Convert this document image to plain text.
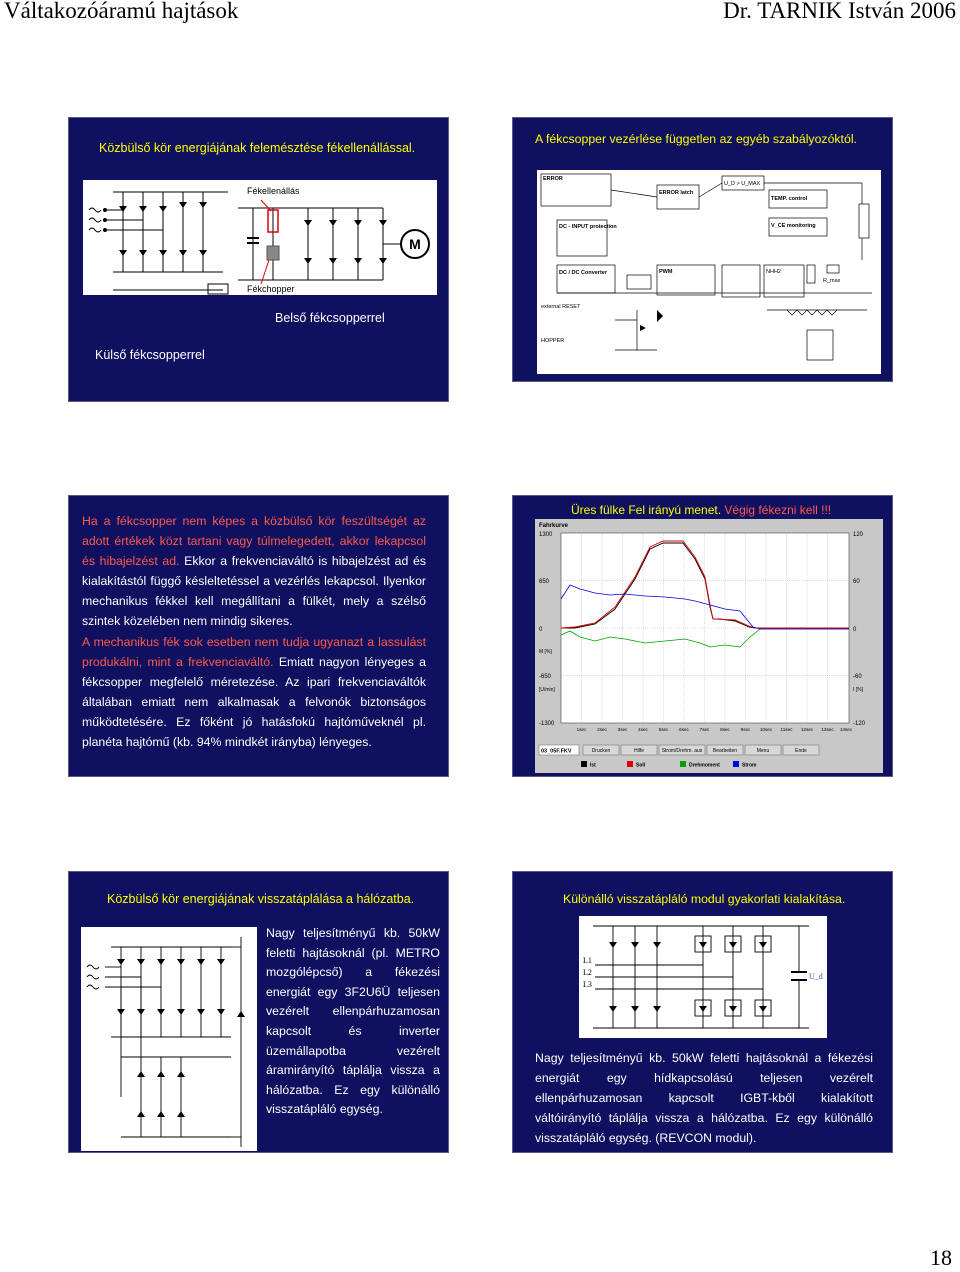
Váltakozóáramú hajtások	Dr. TARNIK István 2006
Közbülső kör energiájának felemésztése fékellenállással.
M
Fékellenállás
Fékchopper
Belső fékcsopperrel
Külső fékcsopperrel
A fékcsopper vezérlése független az egyéb szabályozóktól.
ERROR
ERROR latch
U_D > U_MAX
TEMP. control
DC - INPUT protection
DC / DC Converter	PWM	NHH2
external RESET
HOPPER
R_max
V_CE monitoring
Ha a fékcsopper nem képes a közbülső kör feszültségét az adott értékek közt tartani vagy túlmelegedett, akkor lekapcsol és hibajelzést ad. Ekkor a frekvenciaváltó is hibajelzést ad és kialakítástól függő késleltetéssel a vezérlés lekapcsol. Ilyenkor mechanikus fékkel kell megállítani a fülkét, mely a szélső szintek közelében nem mindig sikeres.
A mechanikus fék sok esetben nem tudja ugyanazt a lassulást produkálni, mint a frekvenciaváltó. Emiatt nagyon lényeges a fékcsopper megfelelő méretezése. Az ipari frekvenciaváltók általában emiatt nem alkalmasak a felvonók biztonságos működtetésére. Ez főként jó hatásfokú hajtóműveknél pl. planéta hajtómű (kb. 94% mindkét irányba) lényeges.
Üres fülke Fel irányú menet. Végig fékezni kell !!!
Fahrkurve
1300
650
0
-650
-1300
120
60
0
-60
-120
M [%]
[U/min]	I [%]
1sec 2sec 3sec 4sec 5sec 6sec 7sec 8sec 9sec 10sec 11sec 12sec 13sec 14sec
03_05F.FKV	Drucken	Hilfe	Strom/Drehm. aus Bearbeiten	Menu	Ende
Ist	Soll	Drehmoment	Strom
Közbülső kör energiájának visszatáplálása a hálózatba.
Nagy teljesítményű kb. 50kW feletti hajtásoknál (pl. METRO mozgólépcső) a fékezési energiát egy 3F2U6Ü teljesen vezérelt ellenpárhuzamosan kapcsolt és inverter üzemállapotba vezérelt áramirányító táplálja vissza a hálózatba. Ez egy különálló visszatápláló egység.
Különálló visszatápláló modul gyakorlati kialakítása.
L1
L2
L3
U_d
Nagy teljesítményű kb. 50kW feletti hajtásoknál a fékezési energiát egy hídkapcsolású teljesen vezérelt ellenpárhuzamosan kapcsolt IGBT-kből kialakított váltóirányító táplálja vissza a hálózatba. Ez egy különálló visszatápláló egység. (REVCON modul).
18
